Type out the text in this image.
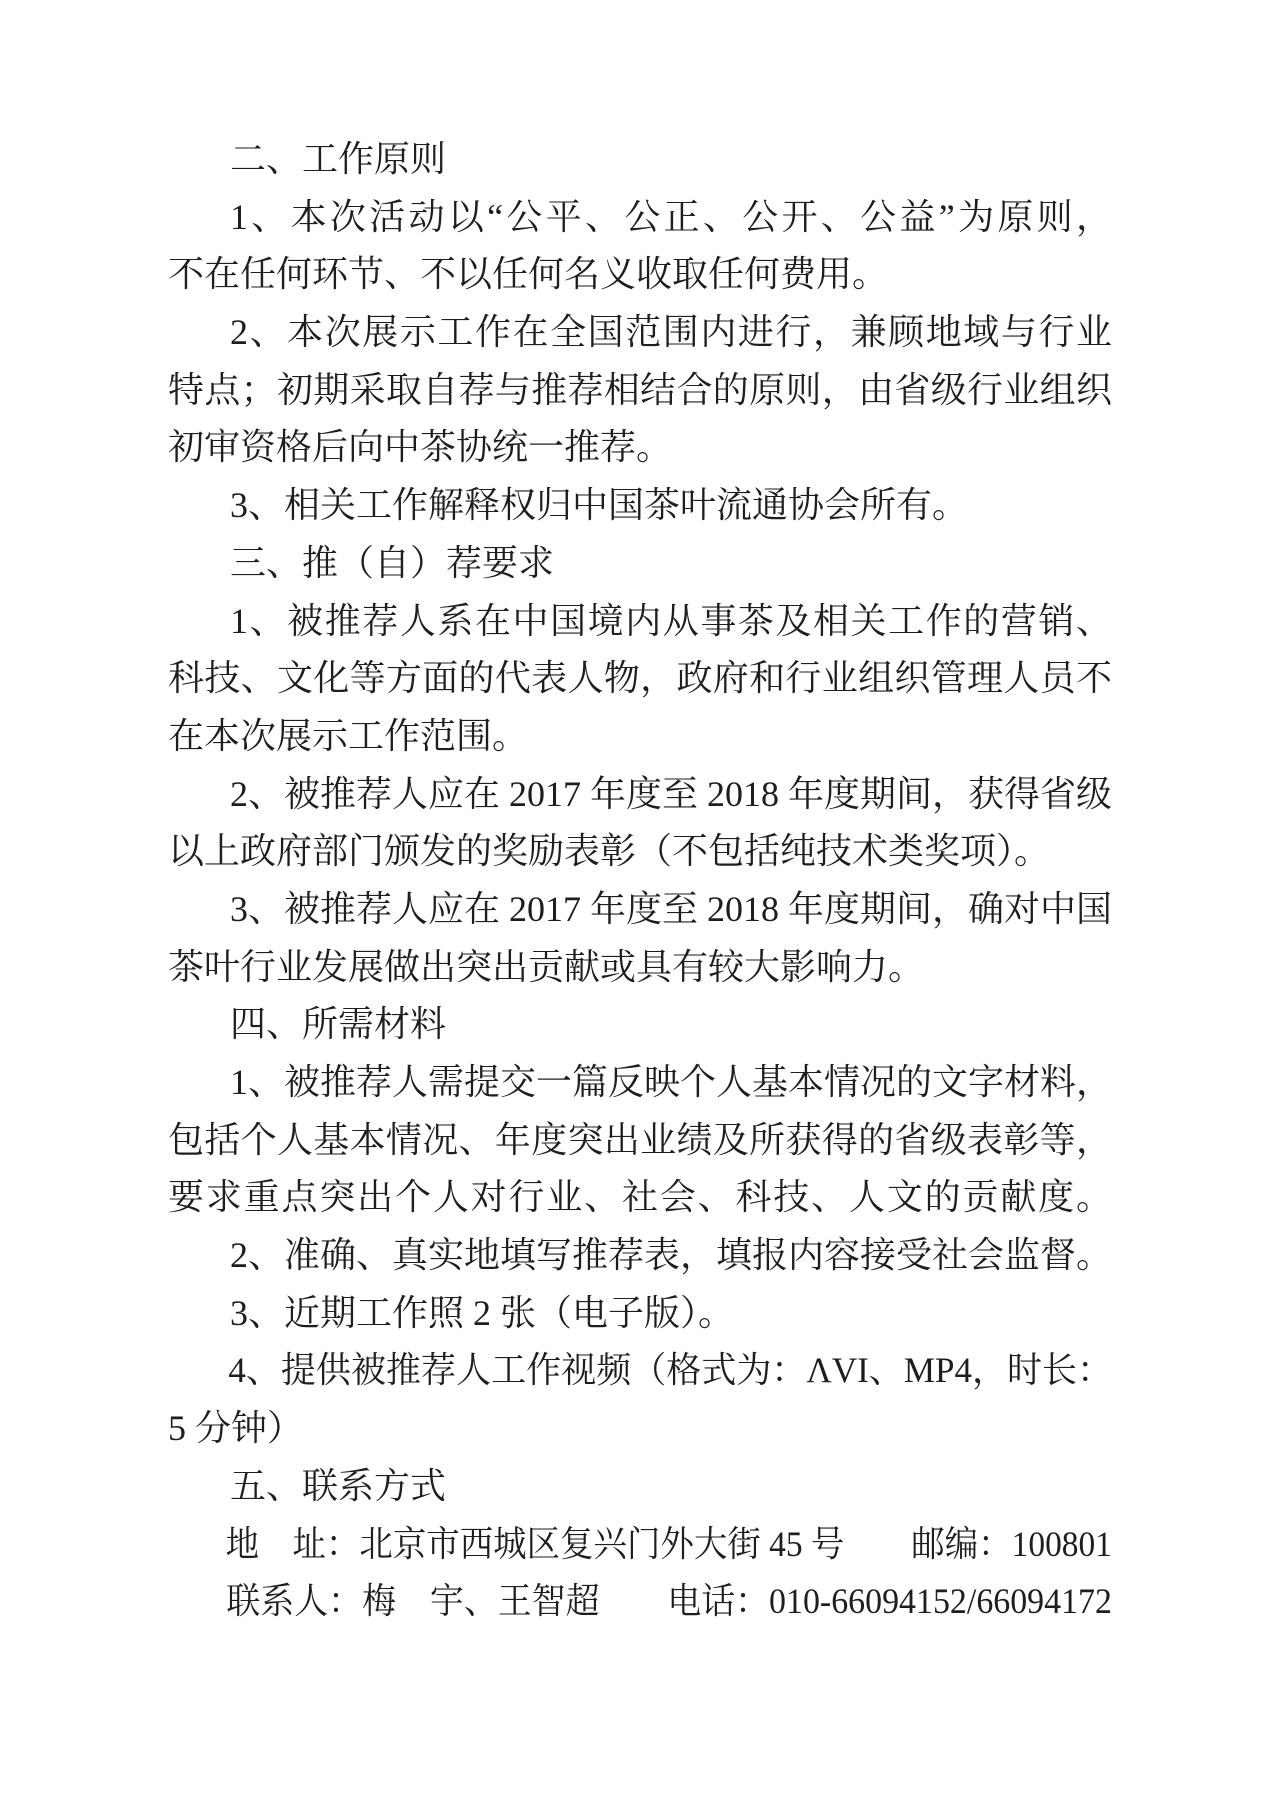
二、工作原则
1、本次活动以“公平、公正、公开、公益”为原则，
不在任何环节、不以任何名义收取任何费用。
2、本次展示工作在全国范围内进行，兼顾地域与行业
特点；初期采取自荐与推荐相结合的原则，由省级行业组织
初审资格后向中茶协统一推荐。
3、相关工作解释权归中国茶叶流通协会所有。
三、推（自）荐要求
1、被推荐人系在中国境内从事茶及相关工作的营销、
科技、文化等方面的代表人物，政府和行业组织管理人员不
在本次展示工作范围。
2、被推荐人应在 2017 年度至 2018 年度期间，获得省级
以上政府部门颁发的奖励表彰（不包括纯技术类奖项）。
3、被推荐人应在 2017 年度至 2018 年度期间，确对中国
茶叶行业发展做出突出贡献或具有较大影响力。
四、所需材料
1、被推荐人需提交一篇反映个人基本情况的文字材料，
包括个人基本情况、年度突出业绩及所获得的省级表彰等，
要求重点突出个人对行业、社会、科技、人文的贡献度。
2、准确、真实地填写推荐表，填报内容接受社会监督。
3、近期工作照 2 张（电子版）。
4、提供被推荐人工作视频（格式为：ΛVI、MP4，时长：
5 分钟）
五、联系方式
地　址：北京市西城区复兴门外大街 45 号　　邮编：100801
联系人：梅　宇、王智超　　电话：010-66094152/66094172
